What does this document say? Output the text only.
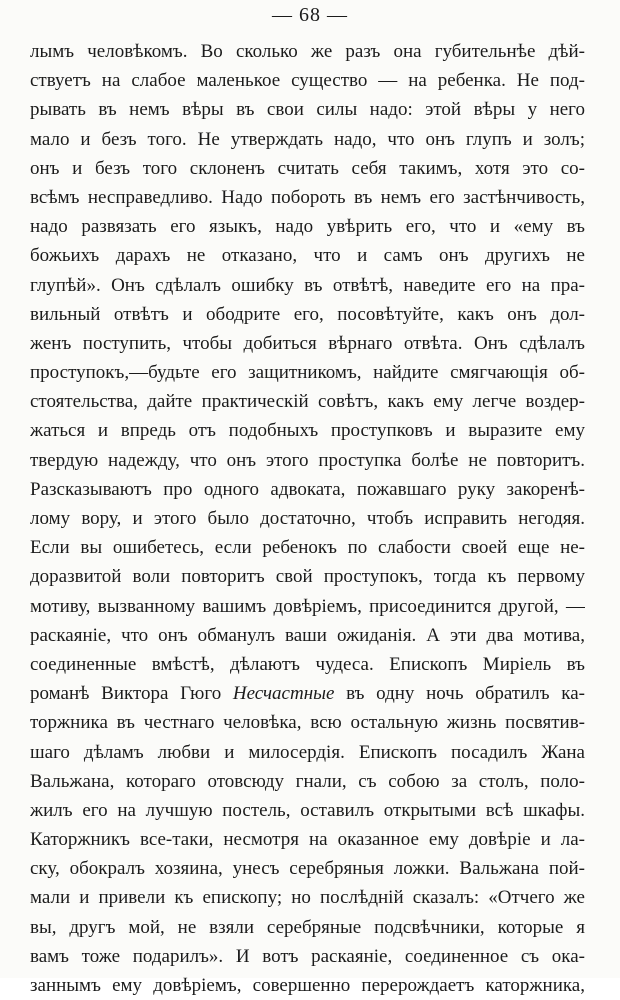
— 68 —
лымъ человѣкомъ. Во сколько же разъ она губительнѣе дѣй-
ствуетъ на слабое маленькое существо — на ребенка. Не под-
рывать въ немъ вѣры въ свои силы надо: этой вѣры у него
мало и безъ того. Не утверждать надо, что онъ глупъ и золъ;
онъ и безъ того склоненъ считать себя такимъ, хотя это со-
всѣмъ несправедливо. Надо побороть въ немъ его застѣнчивость,
надо развязать его языкъ, надо увѣрить его, что и «ему въ
божьихъ дарахъ не отказано, что и самъ онъ другихъ не
глупѣй». Онъ сдѣлалъ ошибку въ отвѣтѣ, наведите его на пра-
вильный отвѣтъ и ободрите его, посовѣтуйте, какъ онъ дол-
женъ поступить, чтобы добиться вѣрнаго отвѣта. Онъ сдѣлалъ
проступокъ,—будьте его защитникомъ, найдите смягчающія об-
стоятельства, дайте практическій совѣтъ, какъ ему легче воздер-
жаться и впредь отъ подобныхъ проступковъ и выразите ему
твердую надежду, что онъ этого проступка болѣе не повторитъ.
Разсказываютъ про одного адвоката, пожавшаго руку закоренѣ-
лому вору, и этого было достаточно, чтобъ исправить негодяя.
Если вы ошибетесь, если ребенокъ по слабости своей еще не-
доразвитой воли повторитъ свой проступокъ, тогда къ первому
мотиву, вызванному вашимъ довѣріемъ, присоединится другой, —
раскаяніе, что онъ обманулъ ваши ожиданія. А эти два мотива,
соединенные вмѣстѣ, дѣлаютъ чудеса. Епископъ Миріель въ
романѣ Виктора Гюго Несчастные въ одну ночь обратилъ ка-
торжника въ честнаго человѣка, всю остальную жизнь посвятив-
шаго дѣламъ любви и милосердія. Епископъ посадилъ Жана
Вальжана, котораго отовсюду гнали, съ собою за столъ, поло-
жилъ его на лучшую постель, оставилъ открытыми всѣ шкафы.
Каторжникъ все-таки, несмотря на оказанное ему довѣріе и ла-
ску, обокралъ хозяина, унесъ серебряныя ложки. Вальжана пой-
мали и привели къ епископу; но послѣдній сказалъ: «Отчего же
вы, другъ мой, не взяли серебряные подсвѣчники, которые я
вамъ тоже подарилъ». И вотъ раскаяніе, соединенное съ ока-
заннымъ ему довѣріемъ, совершенно перерождаетъ каторжника,
